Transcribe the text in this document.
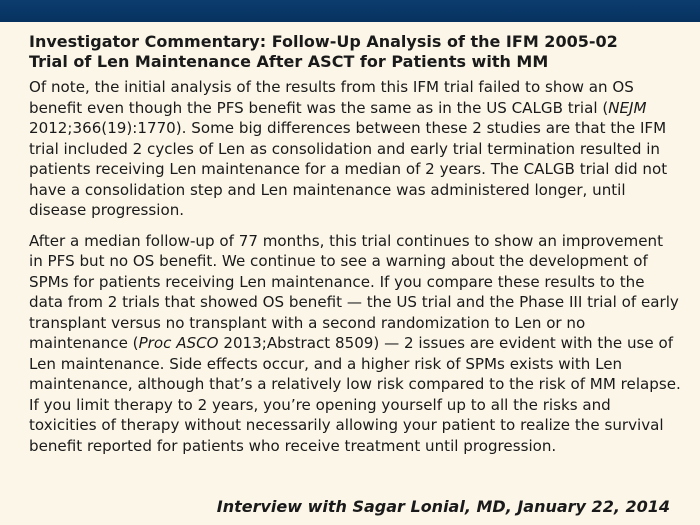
Investigator Commentary: Follow-Up Analysis of the IFM 2005-02
Trial of Len Maintenance After ASCT for Patients with MM

Of note, the initial analysis of the results from this IFM trial failed to show an OS benefit even though the PFS benefit was the same as in the US CALGB trial (NEJM 2012;366(19):1770). Some big differences between these 2 studies are that the IFM trial included 2 cycles of Len as consolidation and early trial termination resulted in patients receiving Len maintenance for a median of 2 years. The CALGB trial did not have a consolidation step and Len maintenance was administered longer, until disease progression.

After a median follow-up of 77 months, this trial continues to show an improvement in PFS but no OS benefit. We continue to see a warning about the development of SPMs for patients receiving Len maintenance. If you compare these results to the data from 2 trials that showed OS benefit — the US trial and the Phase III trial of early transplant versus no transplant with a second randomization to Len or no maintenance (Proc ASCO 2013;Abstract 8509) — 2 issues are evident with the use of Len maintenance. Side effects occur, and a higher risk of SPMs exists with Len maintenance, although that’s a relatively low risk compared to the risk of MM relapse. If you limit therapy to 2 years, you’re opening yourself up to all the risks and toxicities of therapy without necessarily allowing your patient to realize the survival benefit reported for patients who receive treatment until progression.

Interview with Sagar Lonial, MD, January 22, 2014
